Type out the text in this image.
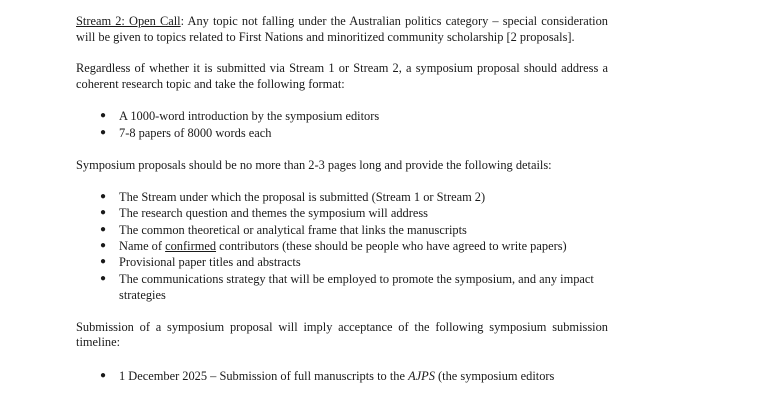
Stream 2: Open Call: Any topic not falling under the Australian politics category – special consideration will be given to topics related to First Nations and minoritized community scholarship [2 proposals].

Regardless of whether it is submitted via Stream 1 or Stream 2, a symposium proposal should address a coherent research topic and take the following format:

● A 1000-word introduction by the symposium editors
● 7-8 papers of 8000 words each

Symposium proposals should be no more than 2-3 pages long and provide the following details:

● The Stream under which the proposal is submitted (Stream 1 or Stream 2)
● The research question and themes the symposium will address
● The common theoretical or analytical frame that links the manuscripts
● Name of confirmed contributors (these should be people who have agreed to write papers)
● Provisional paper titles and abstracts
● The communications strategy that will be employed to promote the symposium, and any impact strategies

Submission of a symposium proposal will imply acceptance of the following symposium submission timeline:

● 1 December 2025 – Submission of full manuscripts to the AJPS (the symposium editors
